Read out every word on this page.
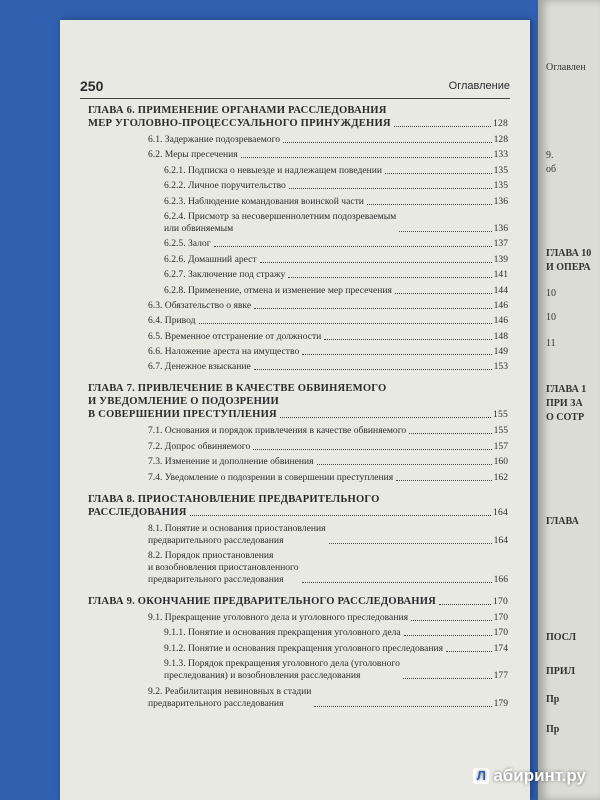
250	Оглавление
ГЛАВА 6. ПРИМЕНЕНИЕ ОРГАНАМИ РАССЛЕДОВАНИЯ
МЕР УГОЛОВНО-ПРОЦЕССУАЛЬНОГО ПРИНУЖДЕНИЯ	128
6.1. Задержание подозреваемого	128
6.2. Меры пресечения	133
6.2.1. Подписка о невыезде и надлежащем поведении	135
6.2.2. Личное поручительство	135
6.2.3. Наблюдение командования воинской части	136
6.2.4. Присмотр за несовершеннолетним подозреваемым
или обвиняемым	136
6.2.5. Залог	137
6.2.6. Домашний арест	139
6.2.7. Заключение под стражу	141
6.2.8. Применение, отмена и изменение мер пресечения	144
6.3. Обязательство о явке	146
6.4. Привод	146
6.5. Временное отстранение от должности	148
6.6. Наложение ареста на имущество	149
6.7. Денежное взыскание	153
ГЛАВА 7. ПРИВЛЕЧЕНИЕ В КАЧЕСТВЕ ОБВИНЯЕМОГО
И УВЕДОМЛЕНИЕ О ПОДОЗРЕНИИ
В СОВЕРШЕНИИ ПРЕСТУПЛЕНИЯ	155
7.1. Основания и порядок привлечения в качестве обвиняемого	155
7.2. Допрос обвиняемого	157
7.3. Изменение и дополнение обвинения	160
7.4. Уведомление о подозрении в совершении преступления	162
ГЛАВА 8. ПРИОСТАНОВЛЕНИЕ ПРЕДВАРИТЕЛЬНОГО
РАССЛЕДОВАНИЯ	164
8.1. Понятие и основания приостановления
предварительного расследования	164
8.2. Порядок приостановления
и возобновления приостановленного
предварительного расследования	166
ГЛАВА 9. ОКОНЧАНИЕ ПРЕДВАРИТЕЛЬНОГО РАССЛЕДОВАНИЯ	170
9.1. Прекращение уголовного дела и уголовного преследования	170
9.1.1. Понятие и основания прекращения уголовного дела	170
9.1.2. Понятие и основания прекращения уголовного преследования	174
9.1.3. Порядок прекращения уголовного дела (уголовного
преследования) и возобновления расследования	177
9.2. Реабилитация невиновных в стадии
предварительного расследования	179
Оглавлен
9.
об
ГЛАВА 10
И ОПЕРА
10
10
11
ГЛАВА 1
ПРИ ЗА
О СОТР
ГЛАВА
ПОСЛ
ПРИЛ
Пр
Пр
Л абиринт.ру
